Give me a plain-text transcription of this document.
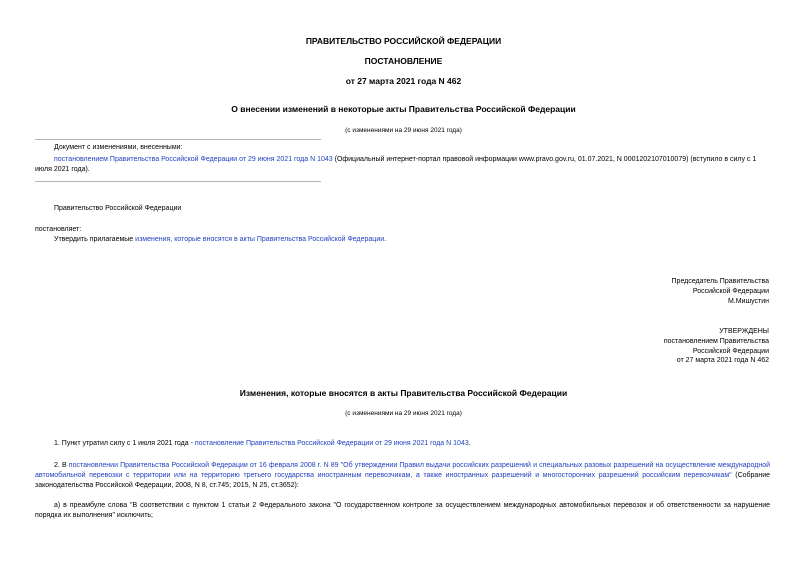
ПРАВИТЕЛЬСТВО РОССИЙСКОЙ ФЕДЕРАЦИИ
ПОСТАНОВЛЕНИЕ
от 27 марта 2021 года N 462
О внесении изменений в некоторые акты Правительства Российской Федерации
(с изменениями на 29 июня 2021 года)
Документ с изменениями, внесенными:
постановлением Правительства Российской Федерации от 29 июня 2021 года N 1043 (Официальный интернет-портал правовой информации www.pravo.gov.ru, 01.07.2021, N 0001202107010079) (вступило в силу с 1 июля 2021 года).
Правительство Российской Федерации
постановляет:
Утвердить прилагаемые изменения, которые вносятся в акты Правительства Российской Федерации.
Председатель Правительства
Российской Федерации
М.Мишустин
УТВЕРЖДЕНЫ
постановлением Правительства
Российской Федерации
от 27 марта 2021 года N 462
Изменения, которые вносятся в акты Правительства Российской Федерации
(с изменениями на 29 июня 2021 года)
1. Пункт утратил силу с 1 июля 2021 года - постановление Правительства Российской Федерации от 29 июня 2021 года N 1043.
2. В постановлении Правительства Российской Федерации от 16 февраля 2008 г. N 89 "Об утверждении Правил выдачи российских разрешений и специальных разовых разрешений на осуществление международной автомобильной перевозки с территории или на территорию третьего государства иностранным перевозчикам, а также иностранных разрешений и многосторонних разрешений российским перевозчикам" (Собрание законодательства Российской Федерации, 2008, N 8, ст.745; 2015, N 25, ст.3652):
а) в преамбуле слова "В соответствии с пунктом 1 статьи 2 Федерального закона "О государственном контроле за осуществлением международных автомобильных перевозок и об ответственности за нарушение порядка их выполнения" исключить;
